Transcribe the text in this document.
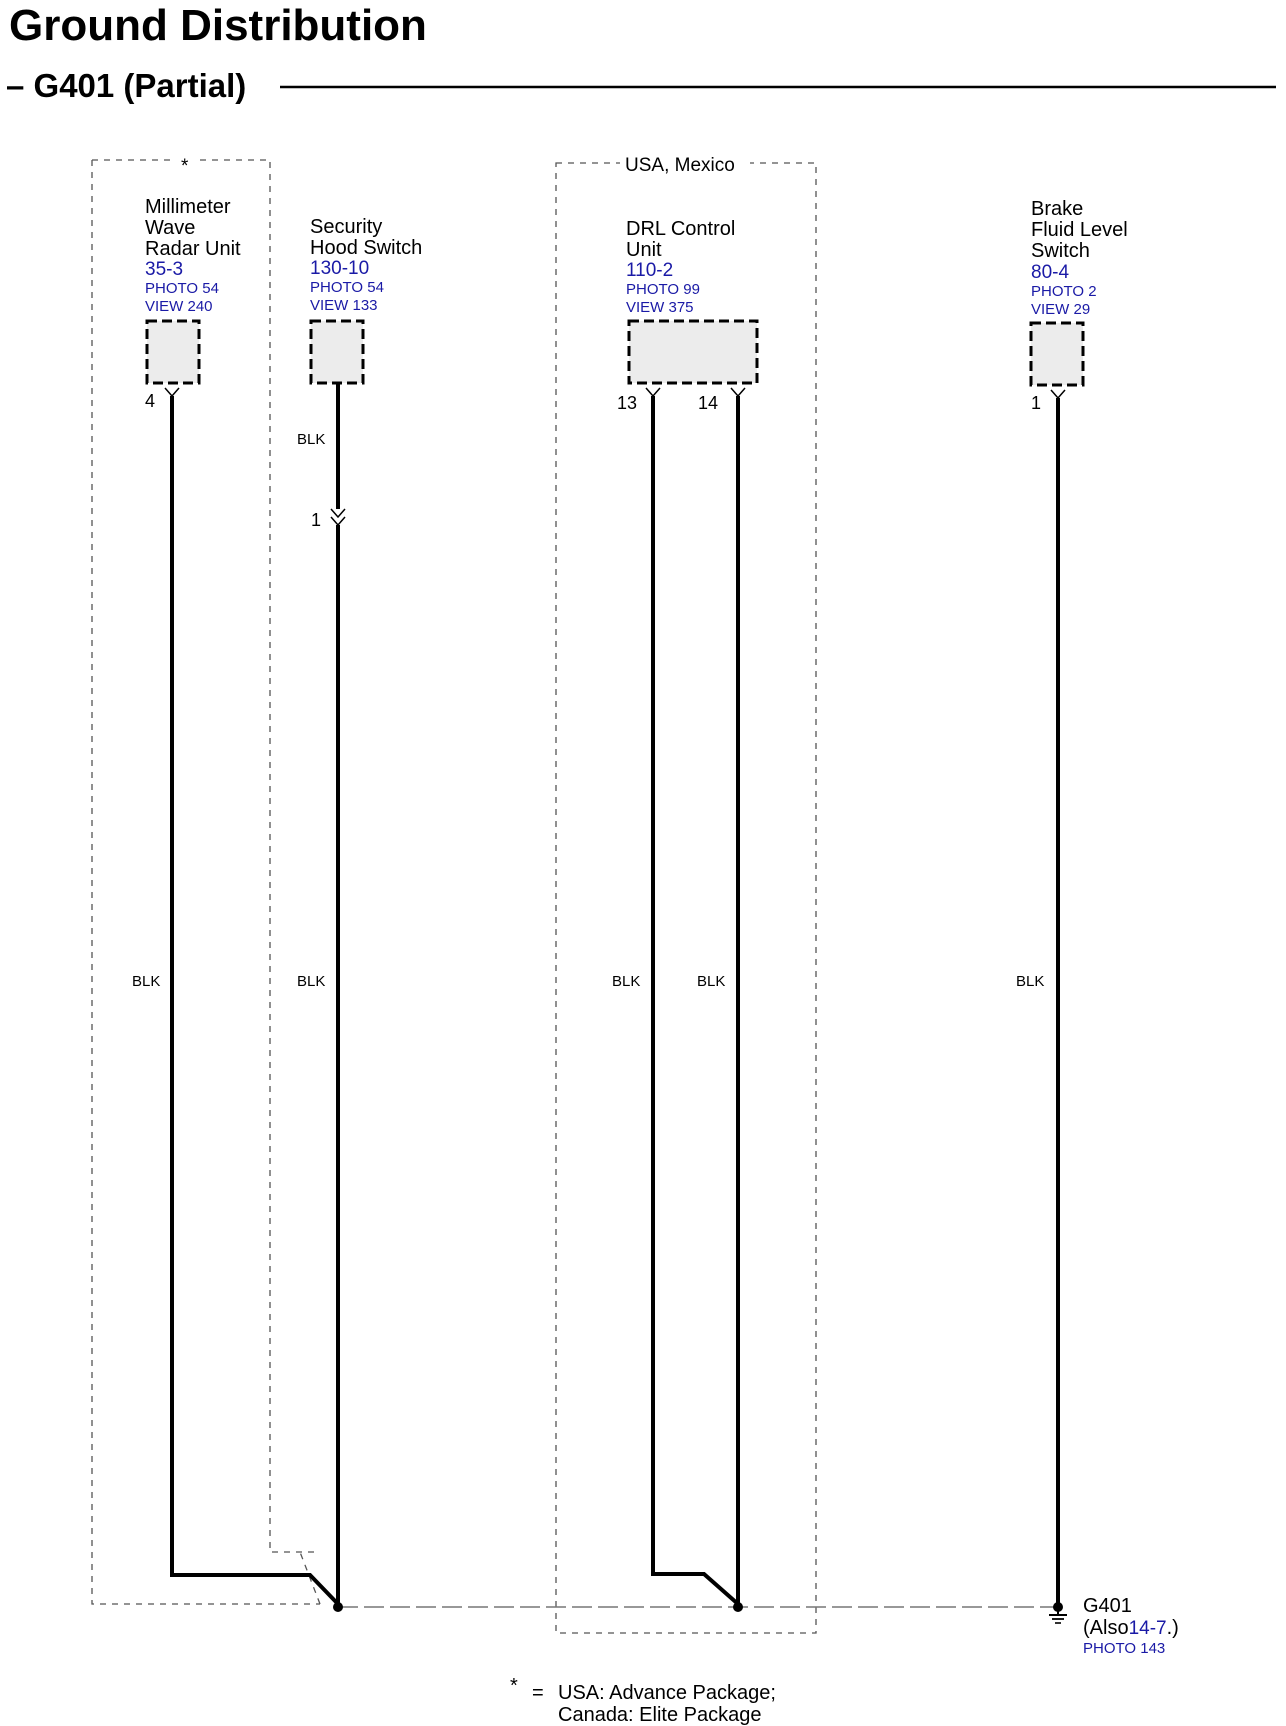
Ground Distribution
– G401 (Partial)
*	USA, Mexico
Millimeter
Wave
Radar Unit
35-3
PHOTO 54
VIEW 240
4
BLK
Security
Hood Switch
130-10
PHOTO 54
VIEW 133
BLK
1
BLK
DRL Control
Unit
110-2
PHOTO 99
VIEW 375
13	14
BLK	BLK
Brake
Fluid Level
Switch
80-4
PHOTO 2
VIEW 29
1
BLK
G401
(Also14-7.)
PHOTO 143
* = USA: Advance Package;
Canada: Elite Package
